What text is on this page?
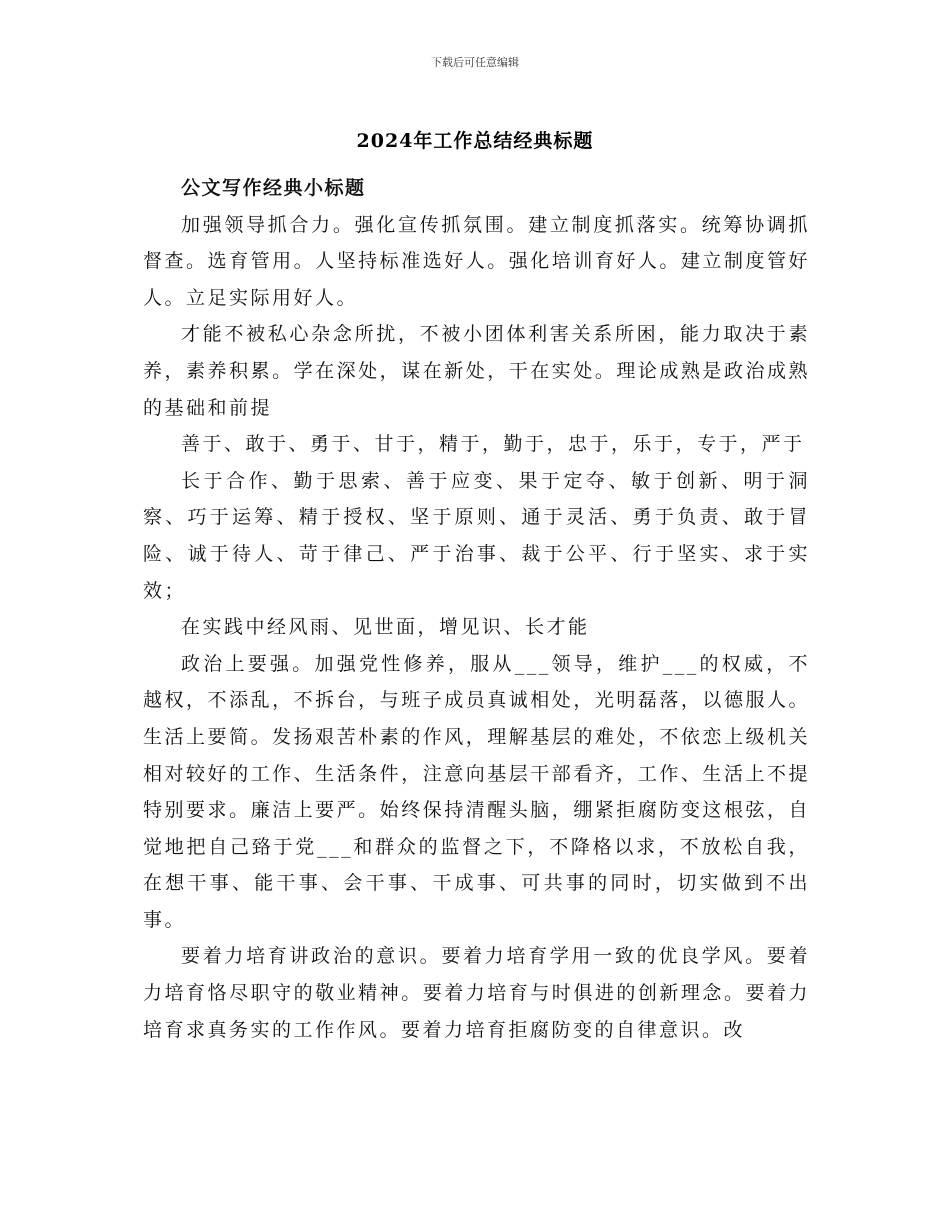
下载后可任意编辑
2024年工作总结经典标题

公文写作经典小标题

加强领导抓合力。强化宣传抓氛围。建立制度抓落实。统筹协调抓督查。选育管用。人坚持标准选好人。强化培训育好人。建立制度管好人。立足实际用好人。

才能不被私心杂念所扰，不被小团体利害关系所困，能力取决于素养，素养积累。学在深处，谋在新处，干在实处。理论成熟是政治成熟的基础和前提

善于、敢于、勇于、甘于，精于，勤于，忠于，乐于，专于，严于

长于合作、勤于思索、善于应变、果于定夺、敏于创新、明于洞察、巧于运筹、精于授权、坚于原则、通于灵活、勇于负责、敢于冒险、诚于待人、苛于律己、严于治事、裁于公平、行于坚实、求于实效；

在实践中经风雨、见世面，增见识、长才能

政治上要强。加强党性修养，服从___领导，维护___的权威，不越权，不添乱，不拆台，与班子成员真诚相处，光明磊落，以德服人。生活上要简。发扬艰苦朴素的作风，理解基层的难处，不依恋上级机关相对较好的工作、生活条件，注意向基层干部看齐，工作、生活上不提特别要求。廉洁上要严。始终保持清醒头脑，绷紧拒腐防变这根弦，自觉地把自己臵于党___和群众的监督之下，不降格以求，不放松自我，在想干事、能干事、会干事、干成事、可共事的同时，切实做到不出事。

要着力培育讲政治的意识。要着力培育学用一致的优良学风。要着力培育恪尽职守的敬业精神。要着力培育与时俱进的创新理念。要着力培育求真务实的工作作风。要着力培育拒腐防变的自律意识。改
